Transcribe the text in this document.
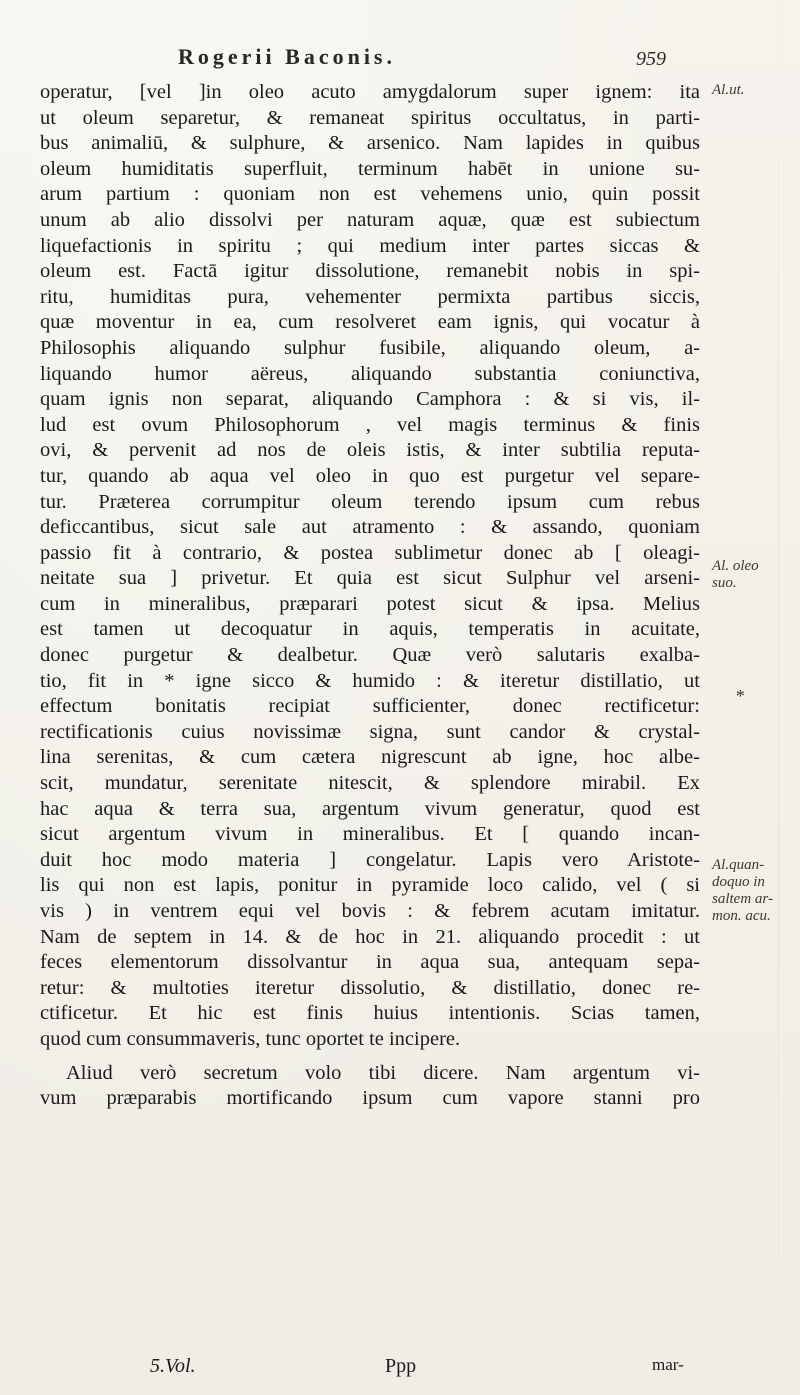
Rogerii Baconis.	959
operatur, [vel ]in oleo acuto amygdalorum super ignem: ita
ut oleum separetur, & remaneat spiritus occultatus, in parti-
bus animaliū, & sulphure, & arsenico. Nam lapides in quibus
oleum humiditatis superfluit, terminum habēt in unione su-
arum partium : quoniam non est vehemens unio, quin possit
unum ab alio dissolvi per naturam aquæ, quæ est subiectum
liquefactionis in spiritu ; qui medium inter partes siccas &
oleum est. Factā igitur dissolutione, remanebit nobis in spi-
ritu, humiditas pura, vehementer permixta partibus siccis,
quæ moventur in ea, cum resolveret eam ignis, qui vocatur à
Philosophis aliquando sulphur fusibile, aliquando oleum, a-
liquando humor aëreus, aliquando substantia coniunctiva,
quam ignis non separat, aliquando Camphora : & si vis, il-
lud est ovum Philosophorum , vel magis terminus & finis
ovi, & pervenit ad nos de oleis istis, & inter subtilia reputa-
tur, quando ab aqua vel oleo in quo est purgetur vel separe-
tur. Præterea corrumpitur oleum terendo ipsum cum rebus
deficcantibus, sicut sale aut atramento : & assando, quoniam
passio fit à contrario, & postea sublimetur donec ab [ oleagi-
neitate sua ] privetur. Et quia est sicut Sulphur vel arseni-
cum in mineralibus, præparari potest sicut & ipsa. Melius
est tamen ut decoquatur in aquis, temperatis in acuitate,
donec purgetur & dealbetur. Quæ verò salutaris exalba-
tio, fit in * igne sicco & humido : & iteretur distillatio, ut
effectum bonitatis recipiat sufficienter, donec rectificetur:
rectificationis cuius novissimæ signa, sunt candor & crystal-
lina serenitas, & cum cætera nigrescunt ab igne, hoc albe-
scit, mundatur, serenitate nitescit, & splendore mirabil. Ex
hac aqua & terra sua, argentum vivum generatur, quod est
sicut argentum vivum in mineralibus. Et [ quando incan-
duit hoc modo materia ] congelatur. Lapis vero Aristote-
lis qui non est lapis, ponitur in pyramide loco calido, vel ( si
vis ) in ventrem equi vel bovis : & febrem acutam imitatur.
Nam de septem in 14. & de hoc in 21. aliquando procedit : ut
feces elementorum dissolvantur in aqua sua, antequam sepa-
retur: & multoties iteretur dissolutio, & distillatio, donec re-
ctificetur. Et hic est finis huius intentionis. Scias tamen,
quod cum consummaveris, tunc oportet te incipere.
Aliud verò secretum volo tibi dicere. Nam argentum vi-
vum præparabis mortificando ipsum cum vapore stanni pro
Al.ut.
Al. oleo
suo.
*
Al.quan-
doquo in
saltem ar-
mon. acu.
5.Vol.	Ppp	mar-
